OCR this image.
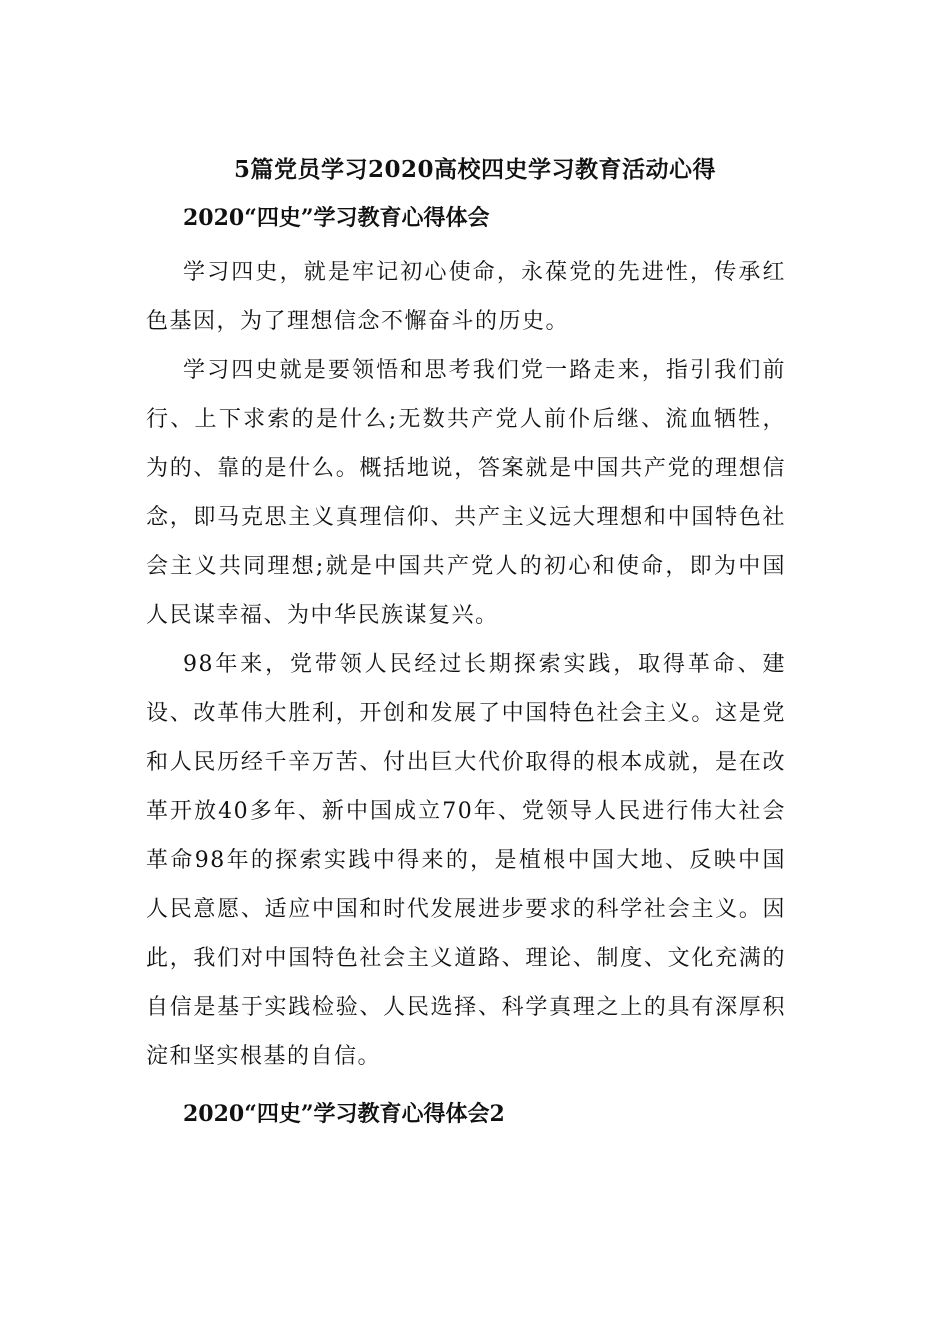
5篇党员学习2020高校四史学习教育活动心得
2020“四史”学习教育心得体会

学习四史，就是牢记初心使命，永葆党的先进性，传承红色基因，为了理想信念不懈奋斗的历史。

学习四史就是要领悟和思考我们党一路走来，指引我们前行、上下求索的是什么;无数共产党人前仆后继、流血牺牲，为的、靠的是什么。概括地说，答案就是中国共产党的理想信念，即马克思主义真理信仰、共产主义远大理想和中国特色社会主义共同理想;就是中国共产党人的初心和使命，即为中国人民谋幸福、为中华民族谋复兴。

98年来，党带领人民经过长期探索实践，取得革命、建设、改革伟大胜利，开创和发展了中国特色社会主义。这是党和人民历经千辛万苦、付出巨大代价取得的根本成就，是在改革开放40多年、新中国成立70年、党领导人民进行伟大社会革命98年的探索实践中得来的，是植根中国大地、反映中国人民意愿、适应中国和时代发展进步要求的科学社会主义。因此，我们对中国特色社会主义道路、理论、制度、文化充满的自信是基于实践检验、人民选择、科学真理之上的具有深厚积淀和坚实根基的自信。

2020“四史”学习教育心得体会2
